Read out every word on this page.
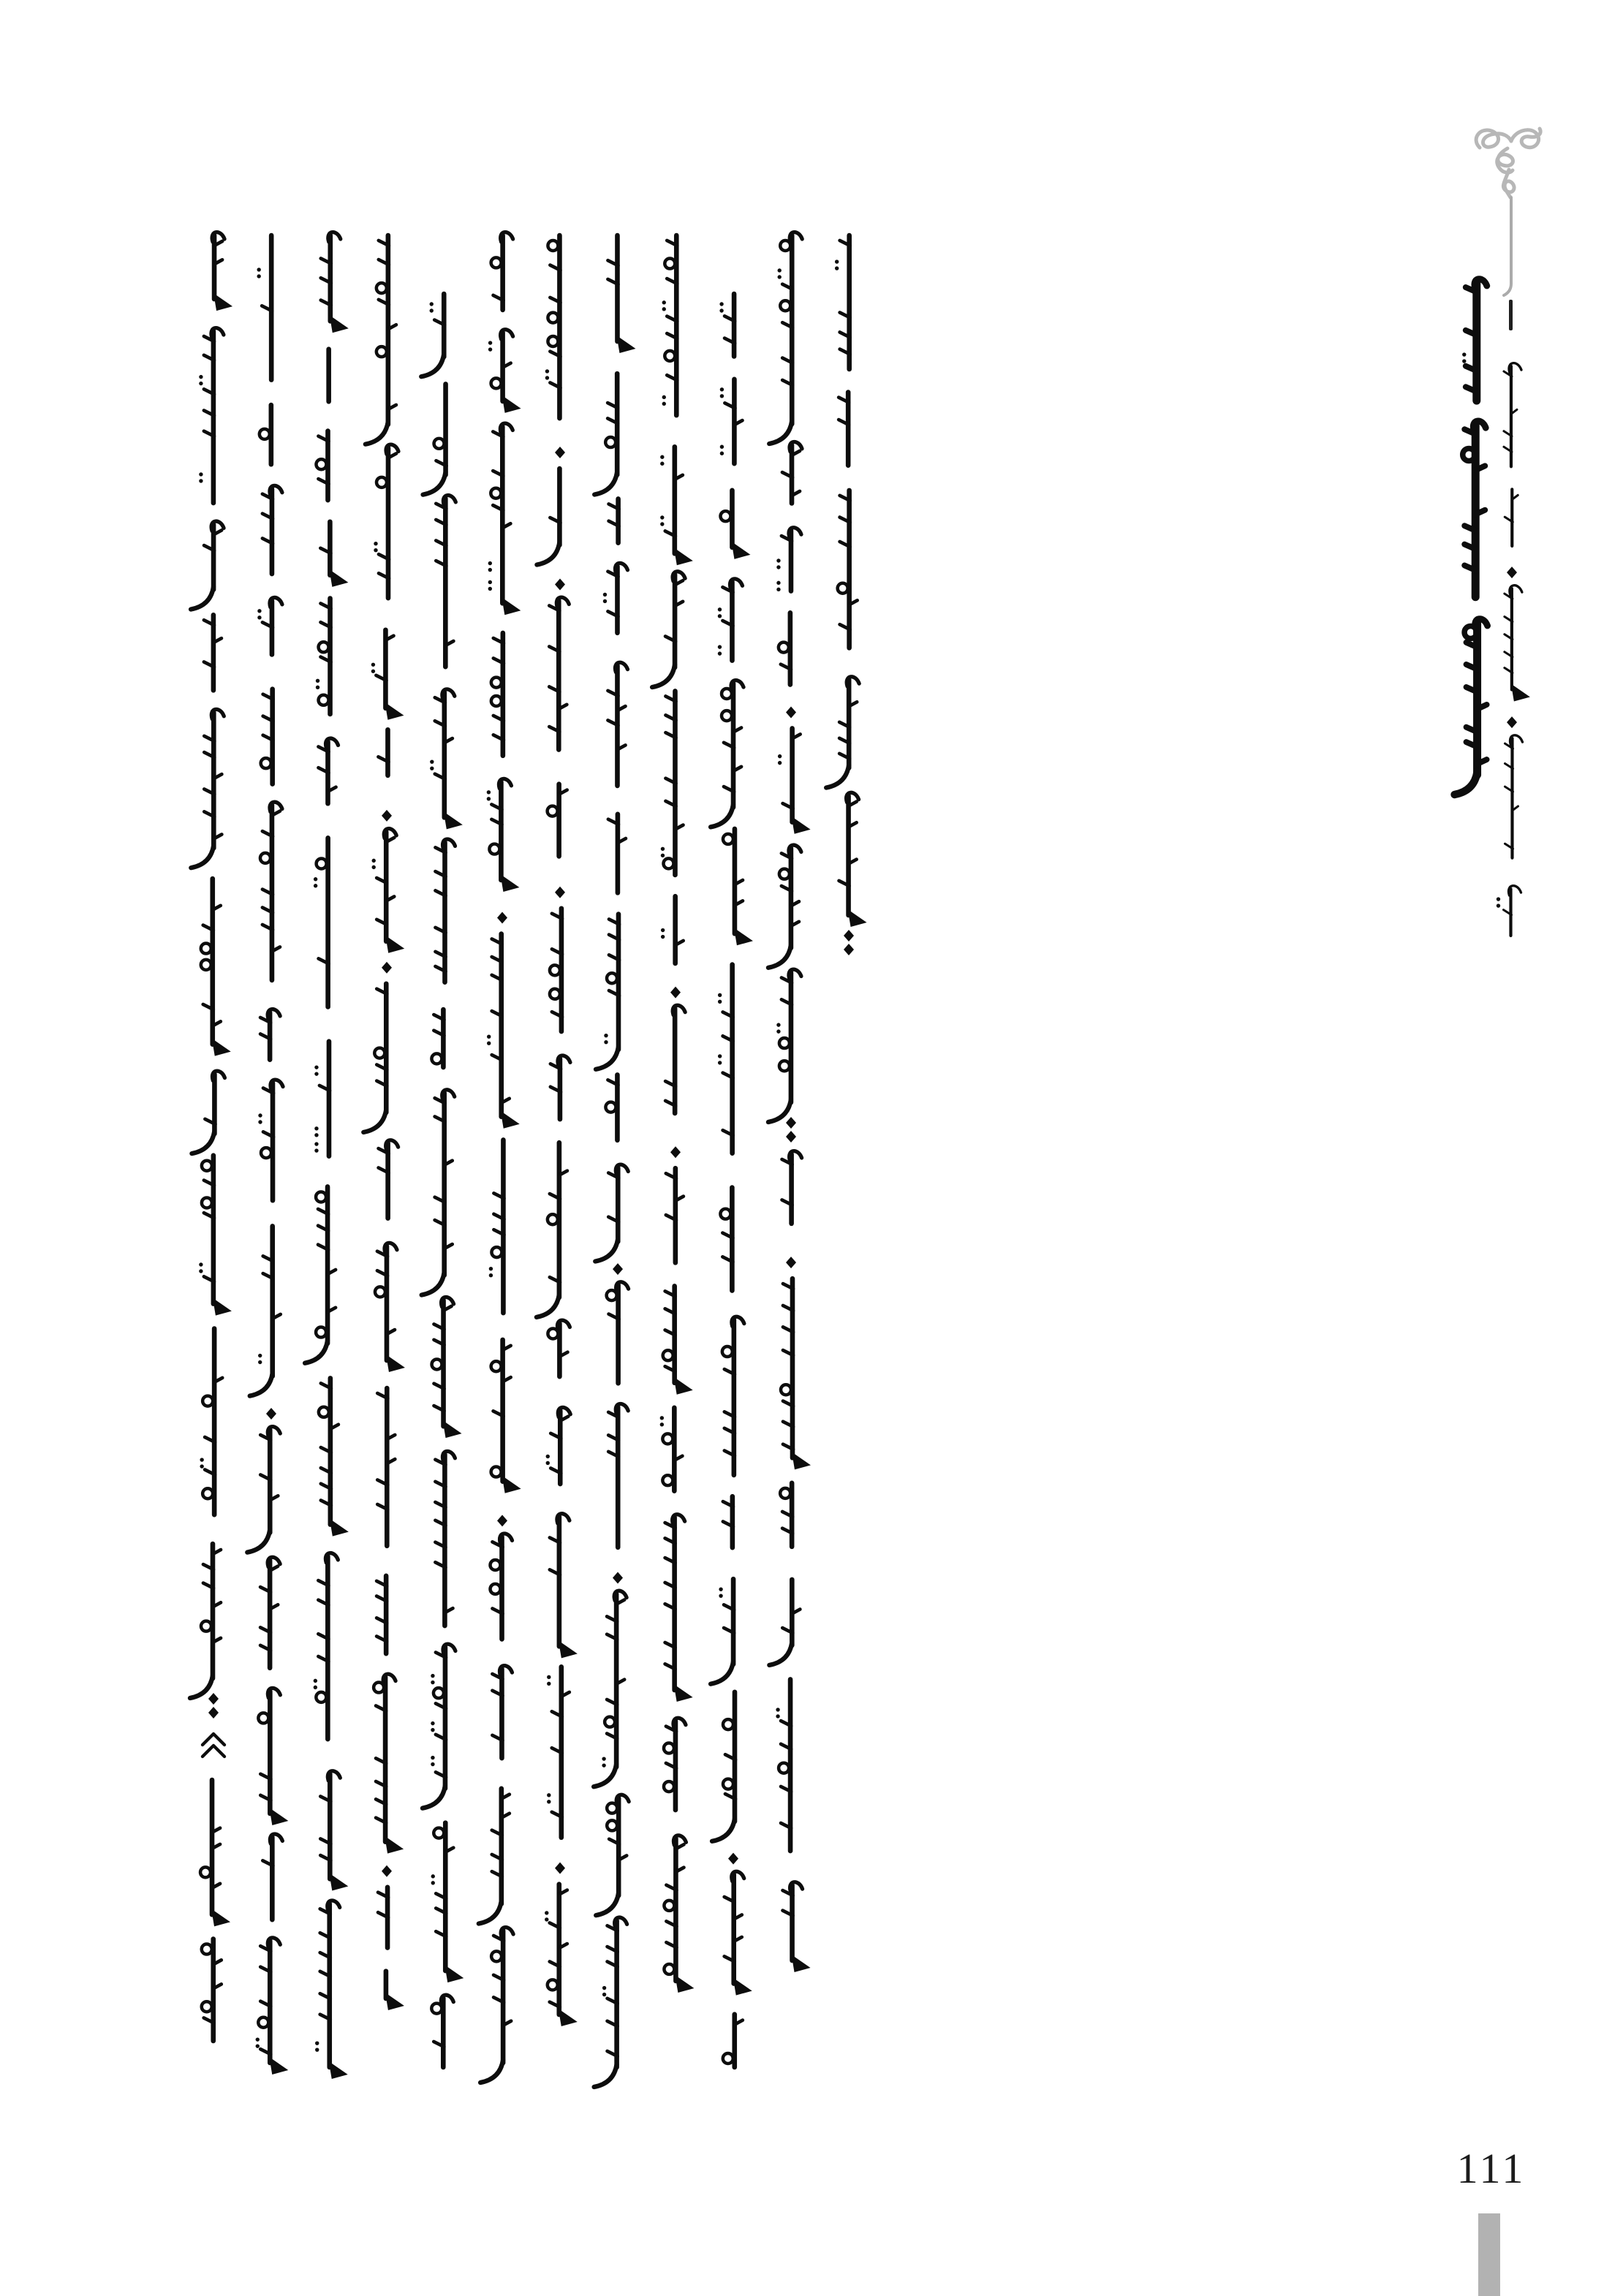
111
